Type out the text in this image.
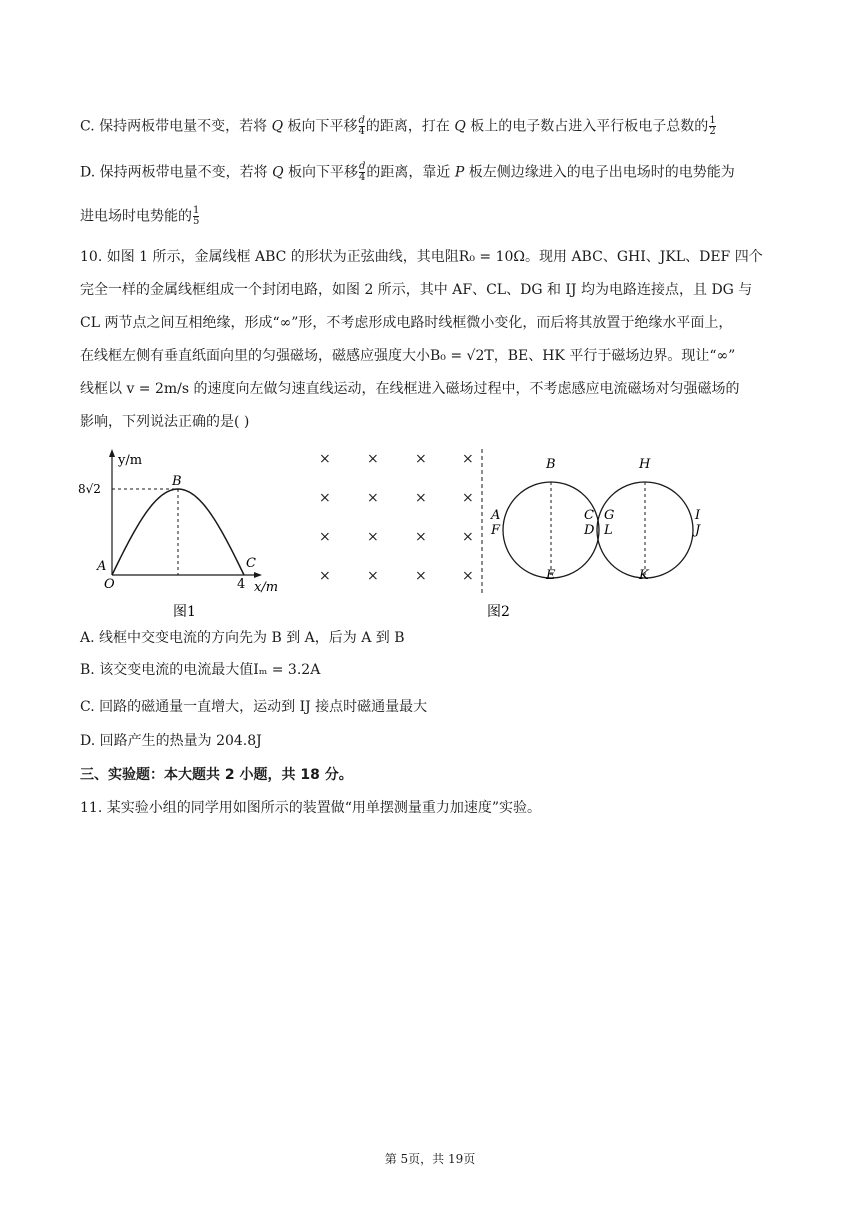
C. 保持两板带电量不变，若将 Q 板向下平移 $\frac{d}{4}$ 的距离，打在 Q 板上的电子数占进入平行板电子总数的 $\frac{1}{2}$
D. 保持两板带电量不变，若将 Q 板向下平移 $\frac{d}{4}$ 的距离，靠近 P 板左侧边缘进入的电子出电场时的电势能为
进电场时电势能的 $\frac{1}{5}$
10. 如图 1 所示，金属线框 ABC 的形状为正弦曲线，其电阻R₀ = 10Ω。现用 ABC、GHI、JKL、DEF 四个
完全一样的金属线框组成一个封闭电路，如图 2 所示，其中 AF、CL、DG 和 IJ 均为电路连接点，且 DG 与
CL 两节点之间互相绝缘，形成“∞”形，不考虑形成电路时线框微小变化，而后将其放置于绝缘水平面上，
在线框左侧有垂直纸面向里的匀强磁场，磁感应强度大小B₀ = √2T，BE、HK 平行于磁场边界。现让“∞”
线框以 v = 2m/s 的速度向左做匀速直线运动，在线框进入磁场过程中，不考虑感应电流磁场对匀强磁场的
影响，下列说法正确的是( )
y/m
x/m
8√2
4
O
A
B
C
图1
×	×	×	×
×	×	×	×
×	×	×	×
×	×	×	×
B
E
H
K
A
F
C
D
G
L
I
J
图2
A. 线框中交变电流的方向先为 B 到 A，后为 A 到 B
B. 该交变电流的电流最大值Iₘ = 3.2A
C. 回路的磁通量一直增大，运动到 IJ 接点时磁通量最大
D. 回路产生的热量为 204.8J
三、实验题：本大题共 2 小题，共 18 分。
11. 某实验小组的同学用如图所示的装置做“用单摆测量重力加速度”实验。
第 5页，共 19页
